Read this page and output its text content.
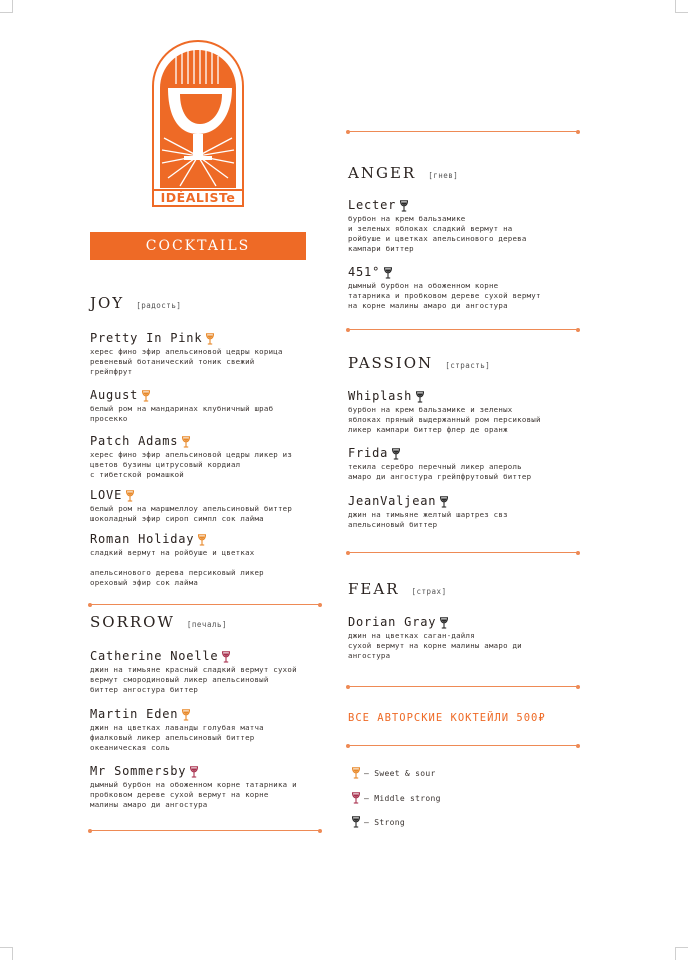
IDÉALISTe
COCKTAILS
JOY [радость]
Pretty In Pink
херес фино эфир апельсиновой цедры корица
ревеневый ботанический тоник свежий
грейпфрут
August
белый ром на мандаринах клубничный шраб
просекко
Patch Adams
херес фино эфир апельсиновой цедры ликер из
цветов бузины цитрусовый кордиал
с тибетской ромашкой
LOVE
белый ром на маршмеллоу апельсиновый биттер
шоколадный эфир сироп симпл сок лайма
Roman Holiday
сладкий вермут на ройбуше и цветках

апельсинового дерева персиковый ликер
ореховый эфир сок лайма
SORROW [печаль]
Catherine Noelle
джин на тимьяне красный сладкий вермут сухой
вермут смородиновый ликер апельсиновый
биттер ангостура биттер
Martin Eden
джин на цветках лаванды голубая матча
фиалковый ликер апельсиновый биттер
океаническая соль
Mr Sommersby
дымный бурбон на обоженном корне татарника и
пробковом дереве сухой вермут на корне
малины амаро ди ангостура
ANGER [гнев]
Lecter
бурбон на крем бальзамике
и зеленых яблоках сладкий вермут на
ройбуше и цветках апельсинового дерева
кампари биттер
451°
дымный бурбон на обоженном корне
татарника и пробковом дереве сухой вермут
на корне малины амаро ди ангостура
PASSION [страсть]
Whiplash
бурбон на крем бальзамике и зеленых
яблоках пряный выдержанный ром персиковый
ликер кампари биттер флер де оранж
Frida
текила серебро перечный ликер апероль
амаро ди ангостура грейпфрутовый биттер
JeanValjean
джин на тимьяне желтый шартрез свз
апельсиновый биттер
FEAR [страх]
Dorian Gray
джин на цветках саган-дайля
сухой вермут на корне малины амаро ди
ангостура
ВСЕ АВТОРСКИЕ КОКТЕЙЛИ 500₽
– Sweet & sour
– Middle strong
– Strong
